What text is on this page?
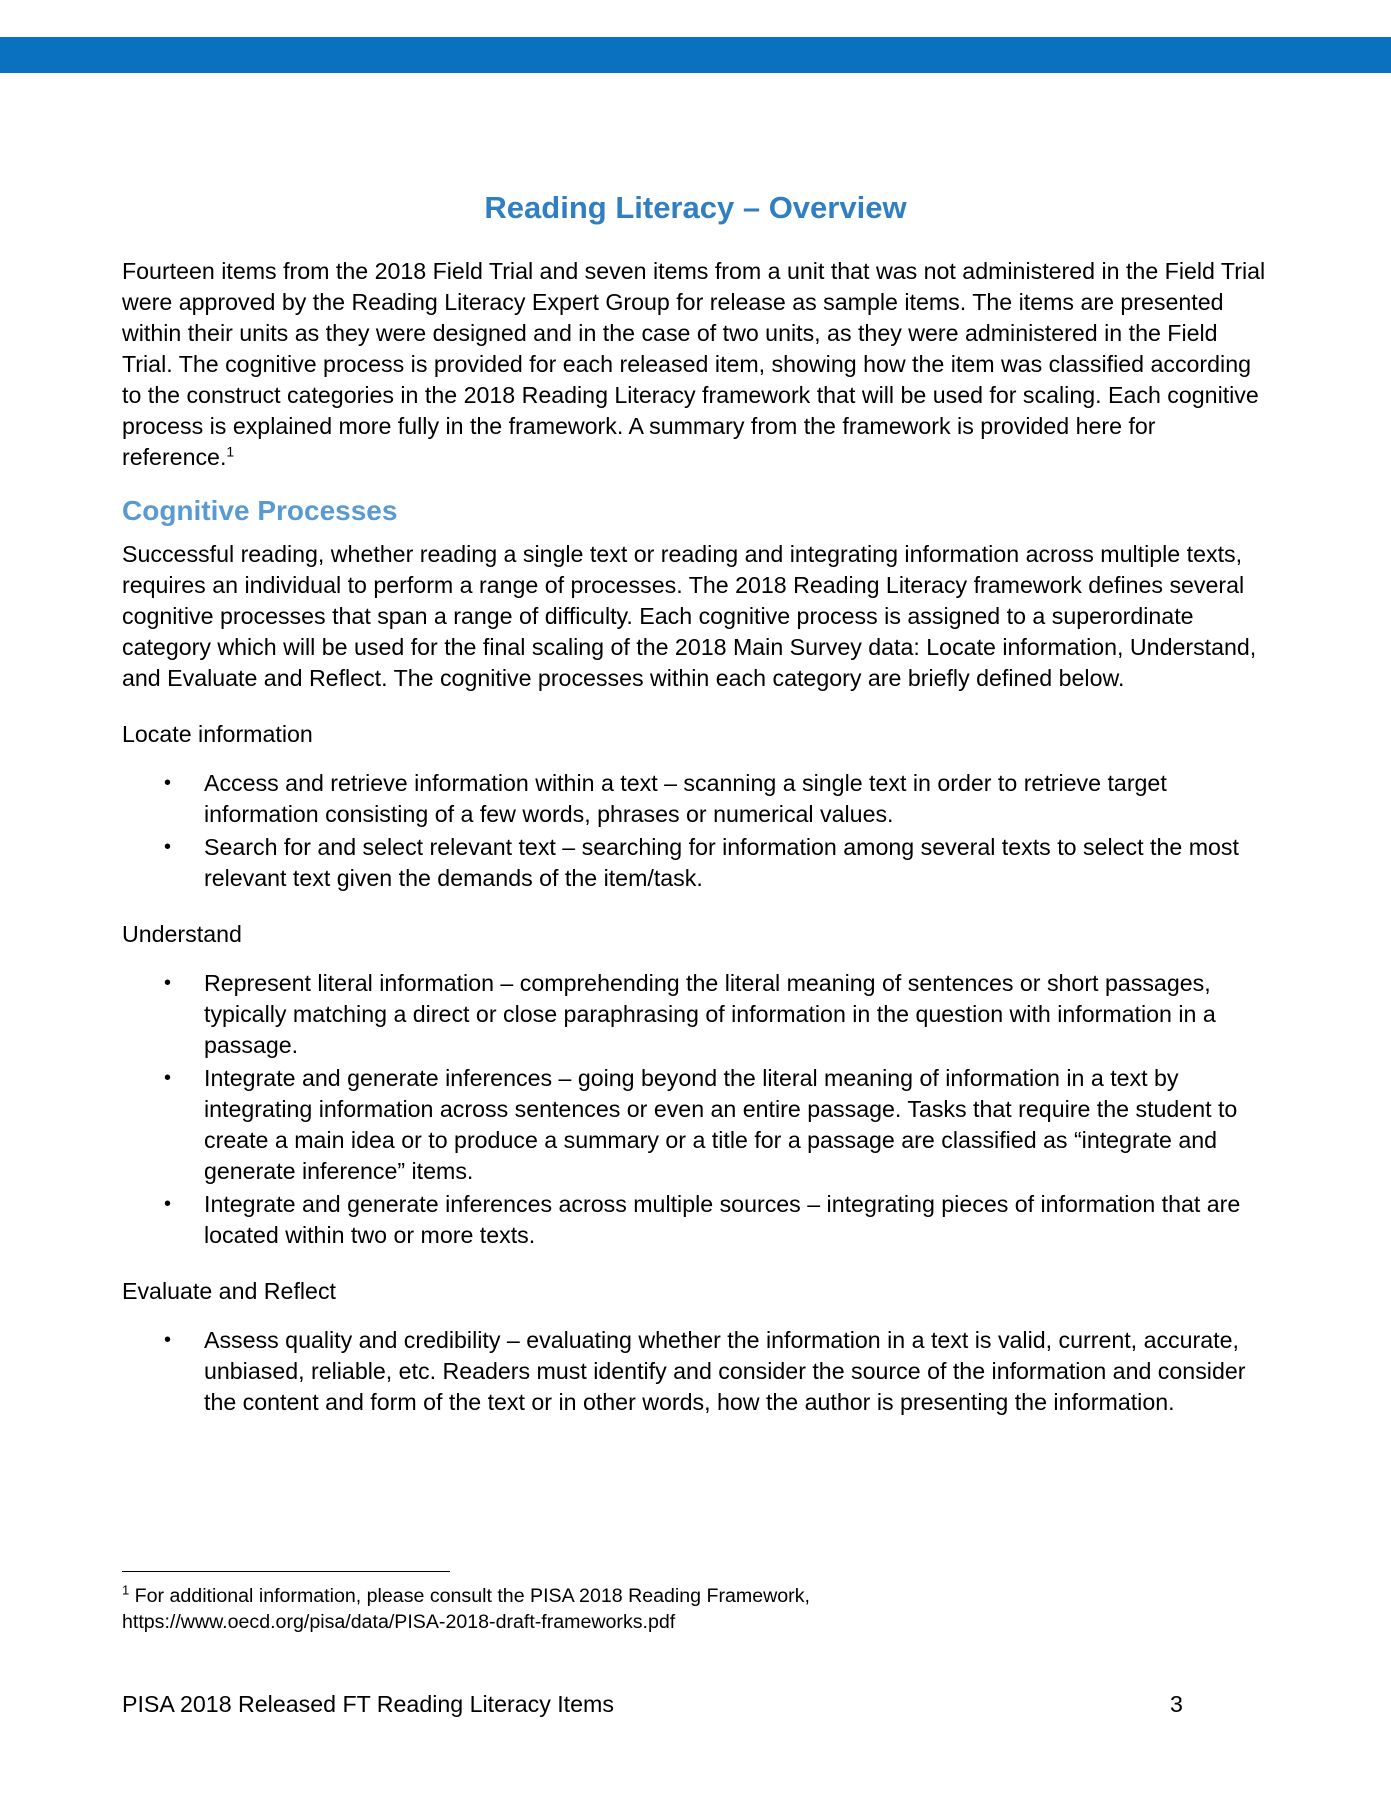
Reading Literacy – Overview

Fourteen items from the 2018 Field Trial and seven items from a unit that was not administered in the Field Trial were approved by the Reading Literacy Expert Group for release as sample items. The items are presented within their units as they were designed and in the case of two units, as they were administered in the Field Trial. The cognitive process is provided for each released item, showing how the item was classified according to the construct categories in the 2018 Reading Literacy framework that will be used for scaling. Each cognitive process is explained more fully in the framework. A summary from the framework is provided here for reference.$^1$

Cognitive Processes

Successful reading, whether reading a single text or reading and integrating information across multiple texts, requires an individual to perform a range of processes. The 2018 Reading Literacy framework defines several cognitive processes that span a range of difficulty. Each cognitive process is assigned to a superordinate category which will be used for the final scaling of the 2018 Main Survey data: Locate information, Understand, and Evaluate and Reflect. The cognitive processes within each category are briefly defined below.

Locate information

• Access and retrieve information within a text – scanning a single text in order to retrieve target information consisting of a few words, phrases or numerical values.
• Search for and select relevant text – searching for information among several texts to select the most relevant text given the demands of the item/task.

Understand

• Represent literal information – comprehending the literal meaning of sentences or short passages, typically matching a direct or close paraphrasing of information in the question with information in a passage.
• Integrate and generate inferences – going beyond the literal meaning of information in a text by integrating information across sentences or even an entire passage. Tasks that require the student to create a main idea or to produce a summary or a title for a passage are classified as “integrate and generate inference” items.
• Integrate and generate inferences across multiple sources – integrating pieces of information that are located within two or more texts.

Evaluate and Reflect

• Assess quality and credibility – evaluating whether the information in a text is valid, current, accurate, unbiased, reliable, etc. Readers must identify and consider the source of the information and consider the content and form of the text or in other words, how the author is presenting the information.
$^1$ For additional information, please consult the PISA 2018 Reading Framework,
https://www.oecd.org/pisa/data/PISA-2018-draft-frameworks.pdf
PISA 2018 Released FT Reading Literacy Items	3
